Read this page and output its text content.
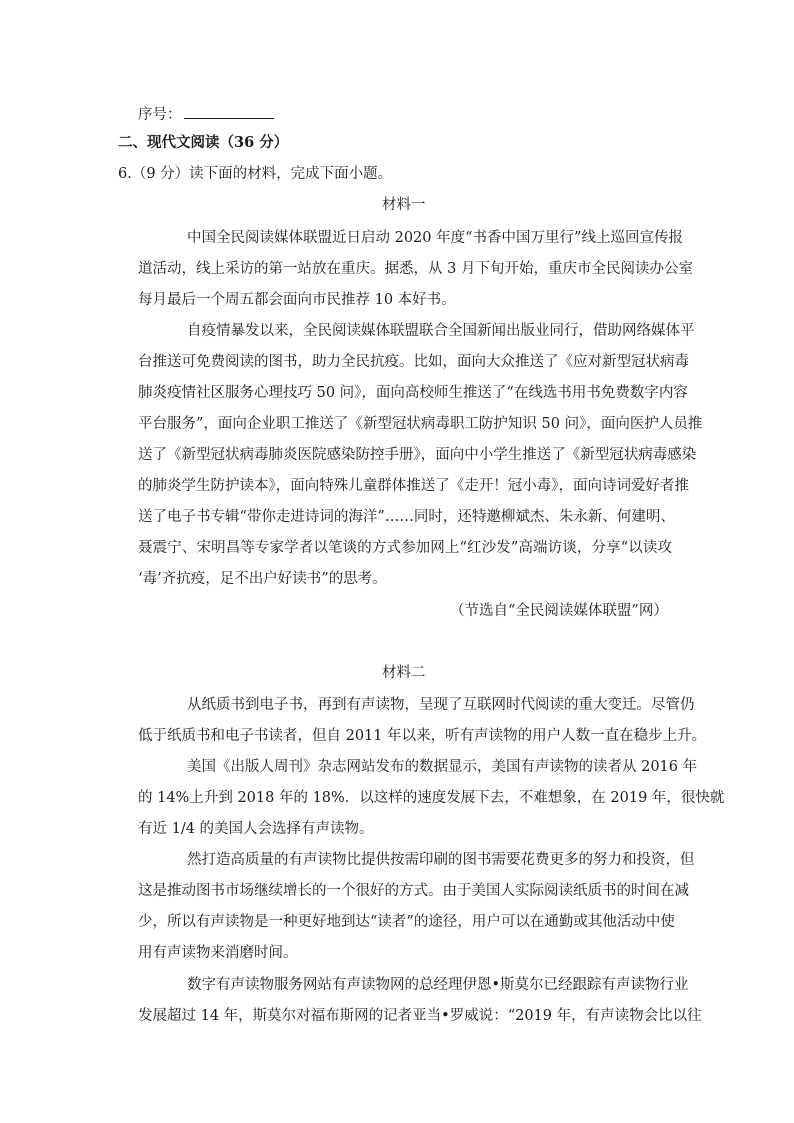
序号：
二、现代文阅读（36 分）
6.（9 分）读下面的材料，完成下面小题。
材料一
中国全民阅读媒体联盟近日启动 2020 年度“书香中国万里行”线上巡回宣传报
道活动，线上采访的第一站放在重庆。据悉，从 3 月下旬开始，重庆市全民阅读办公室
每月最后一个周五都会面向市民推荐 10 本好书。
自疫情暴发以来，全民阅读媒体联盟联合全国新闻出版业同行，借助网络媒体平
台推送可免费阅读的图书，助力全民抗疫。比如，面向大众推送了《应对新型冠状病毒
肺炎疫情社区服务心理技巧 50 问》，面向高校师生推送了“在线选书用书免费数字内容
平台服务”，面向企业职工推送了《新型冠状病毒职工防护知识 50 问》，面向医护人员推
送了《新型冠状病毒肺炎医院感染防控手册》，面向中小学生推送了《新型冠状病毒感染
的肺炎学生防护读本》，面向特殊儿童群体推送了《走开！冠小毒》，面向诗词爱好者推
送了电子书专辑“带你走进诗词的海洋”……同时，还特邀柳斌杰、朱永新、何建明、
聂震宁、宋明昌等专家学者以笔谈的方式参加网上“红沙发”高端访谈，分享“以读攻
‘毒’齐抗疫，足不出户好读书”的思考。
（节选自“全民阅读媒体联盟”网）
材料二
从纸质书到电子书，再到有声读物，呈现了互联网时代阅读的重大变迁。尽管仍
低于纸质书和电子书读者，但自 2011 年以来，听有声读物的用户人数一直在稳步上升。
美国《出版人周刊》杂志网站发布的数据显示，美国有声读物的读者从 2016 年
的 14%上升到 2018 年的 18%．以这样的速度发展下去，不难想象，在 2019 年，很快就
有近 1/4 的美国人会选择有声读物。
然打造高质量的有声读物比提供按需印刷的图书需要花费更多的努力和投资，但
这是推动图书市场继续增长的一个很好的方式。由于美国人实际阅读纸质书的时间在减
少，所以有声读物是一种更好地到达“读者”的途径，用户可以在通勤或其他活动中使
用有声读物来消磨时间。
数字有声读物服务网站有声读物网的总经理伊恩•斯莫尔已经跟踪有声读物行业
发展超过 14 年，斯莫尔对福布斯网的记者亚当•罗威说：“2019 年，有声读物会比以往
